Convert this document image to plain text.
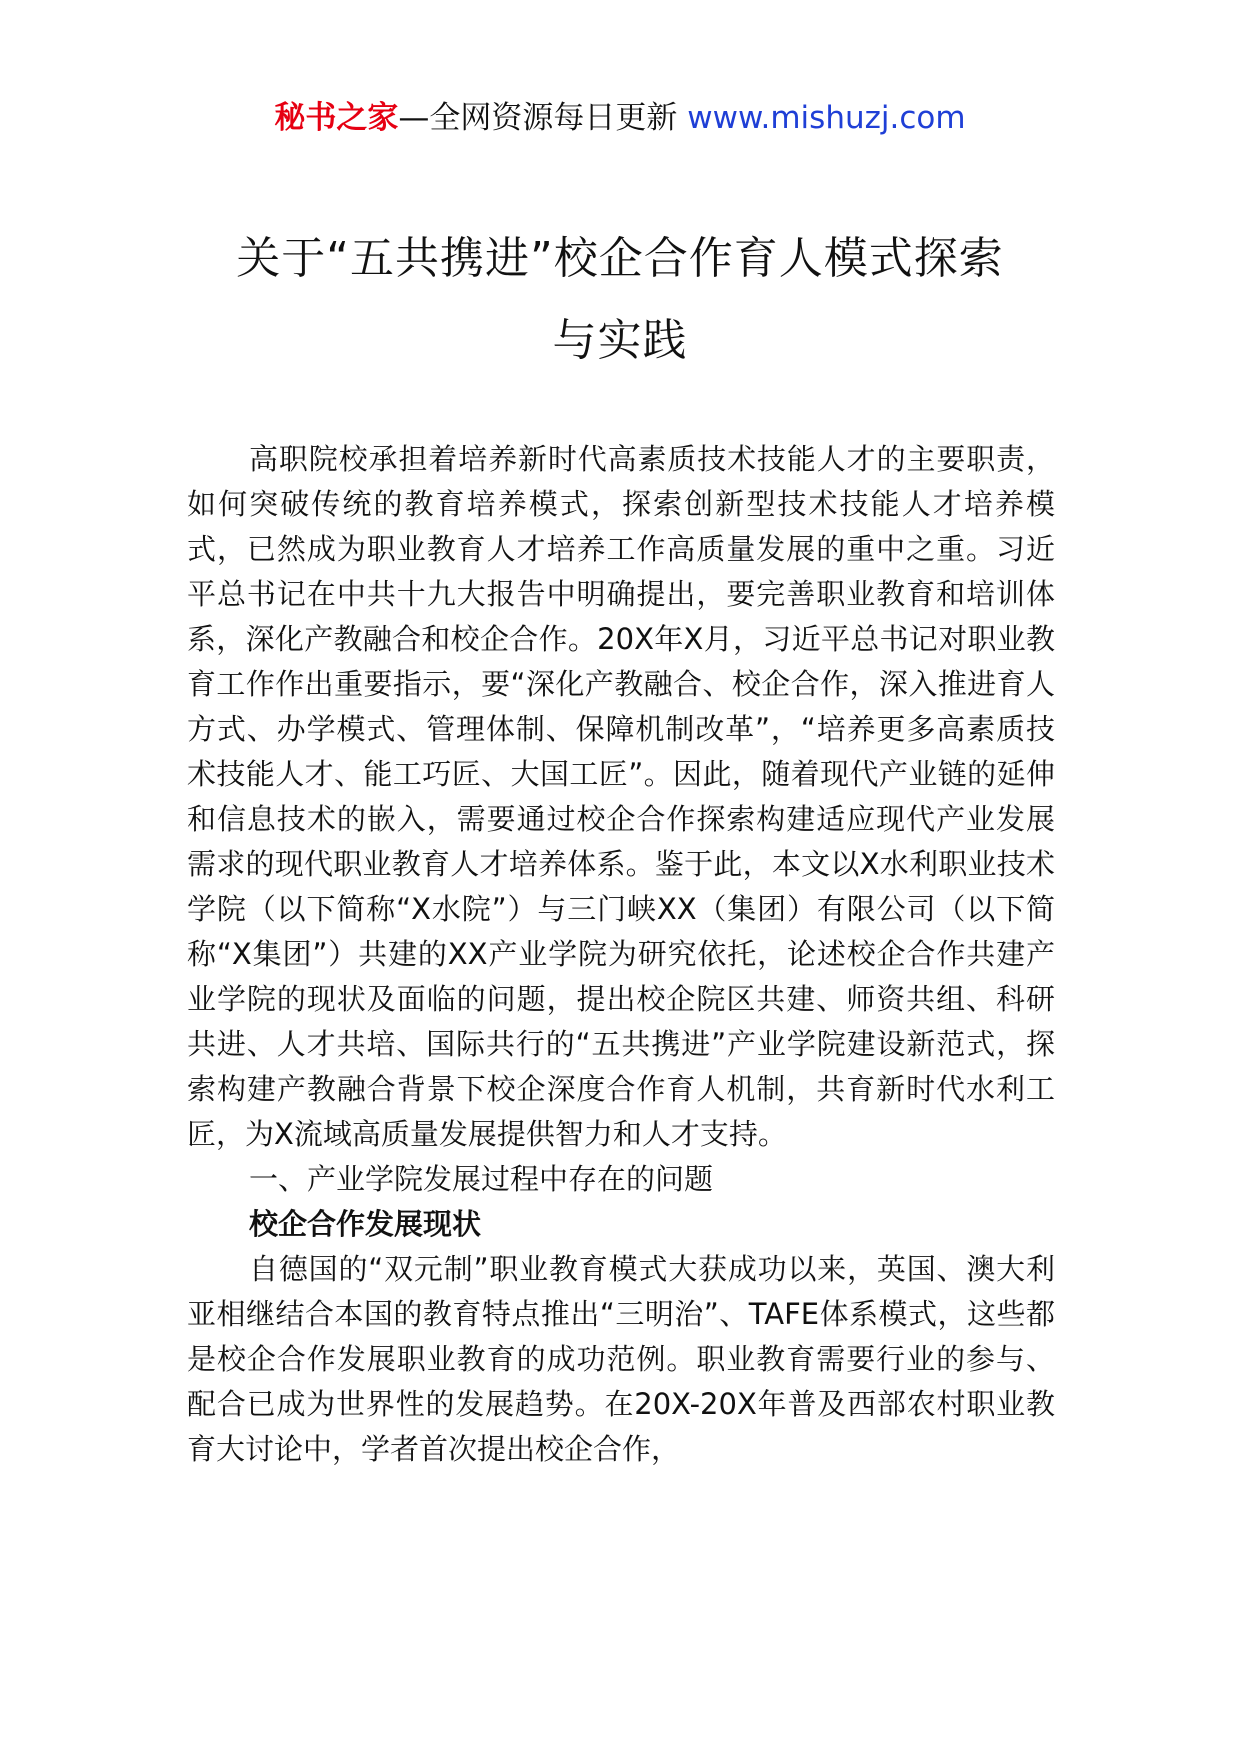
秘书之家—全网资源每日更新 www.mishuzj.com
关于“五共携进”校企合作育人模式探索
与实践

高职院校承担着培养新时代高素质技术技能人才的主要职责，如何突破传统的教育培养模式，探索创新型技术技能人才培养模式，已然成为职业教育人才培养工作高质量发展的重中之重。习近平总书记在中共十九大报告中明确提出，要完善职业教育和培训体系，深化产教融合和校企合作。20X年X月，习近平总书记对职业教育工作作出重要指示，要“深化产教融合、校企合作，深入推进育人方式、办学模式、管理体制、保障机制改革”，“培养更多高素质技术技能人才、能工巧匠、大国工匠”。因此，随着现代产业链的延伸和信息技术的嵌入，需要通过校企合作探索构建适应现代产业发展需求的现代职业教育人才培养体系。鉴于此，本文以X水利职业技术学院（以下简称“X水院”）与三门峡XX（集团）有限公司（以下简称“X集团”）共建的XX产业学院为研究依托，论述校企合作共建产业学院的现状及面临的问题，提出校企院区共建、师资共组、科研共进、人才共培、国际共行的“五共携进”产业学院建设新范式，探索构建产教融合背景下校企深度合作育人机制，共育新时代水利工匠，为X流域高质量发展提供智力和人才支持。

一、产业学院发展过程中存在的问题

校企合作发展现状

自德国的“双元制”职业教育模式大获成功以来，英国、澳大利亚相继结合本国的教育特点推出“三明治”、TAFE体系模式，这些都是校企合作发展职业教育的成功范例。职业教育需要行业的参与、配合已成为世界性的发展趋势。在20X-20X年普及西部农村职业教育大讨论中，学者首次提出校企合作，
